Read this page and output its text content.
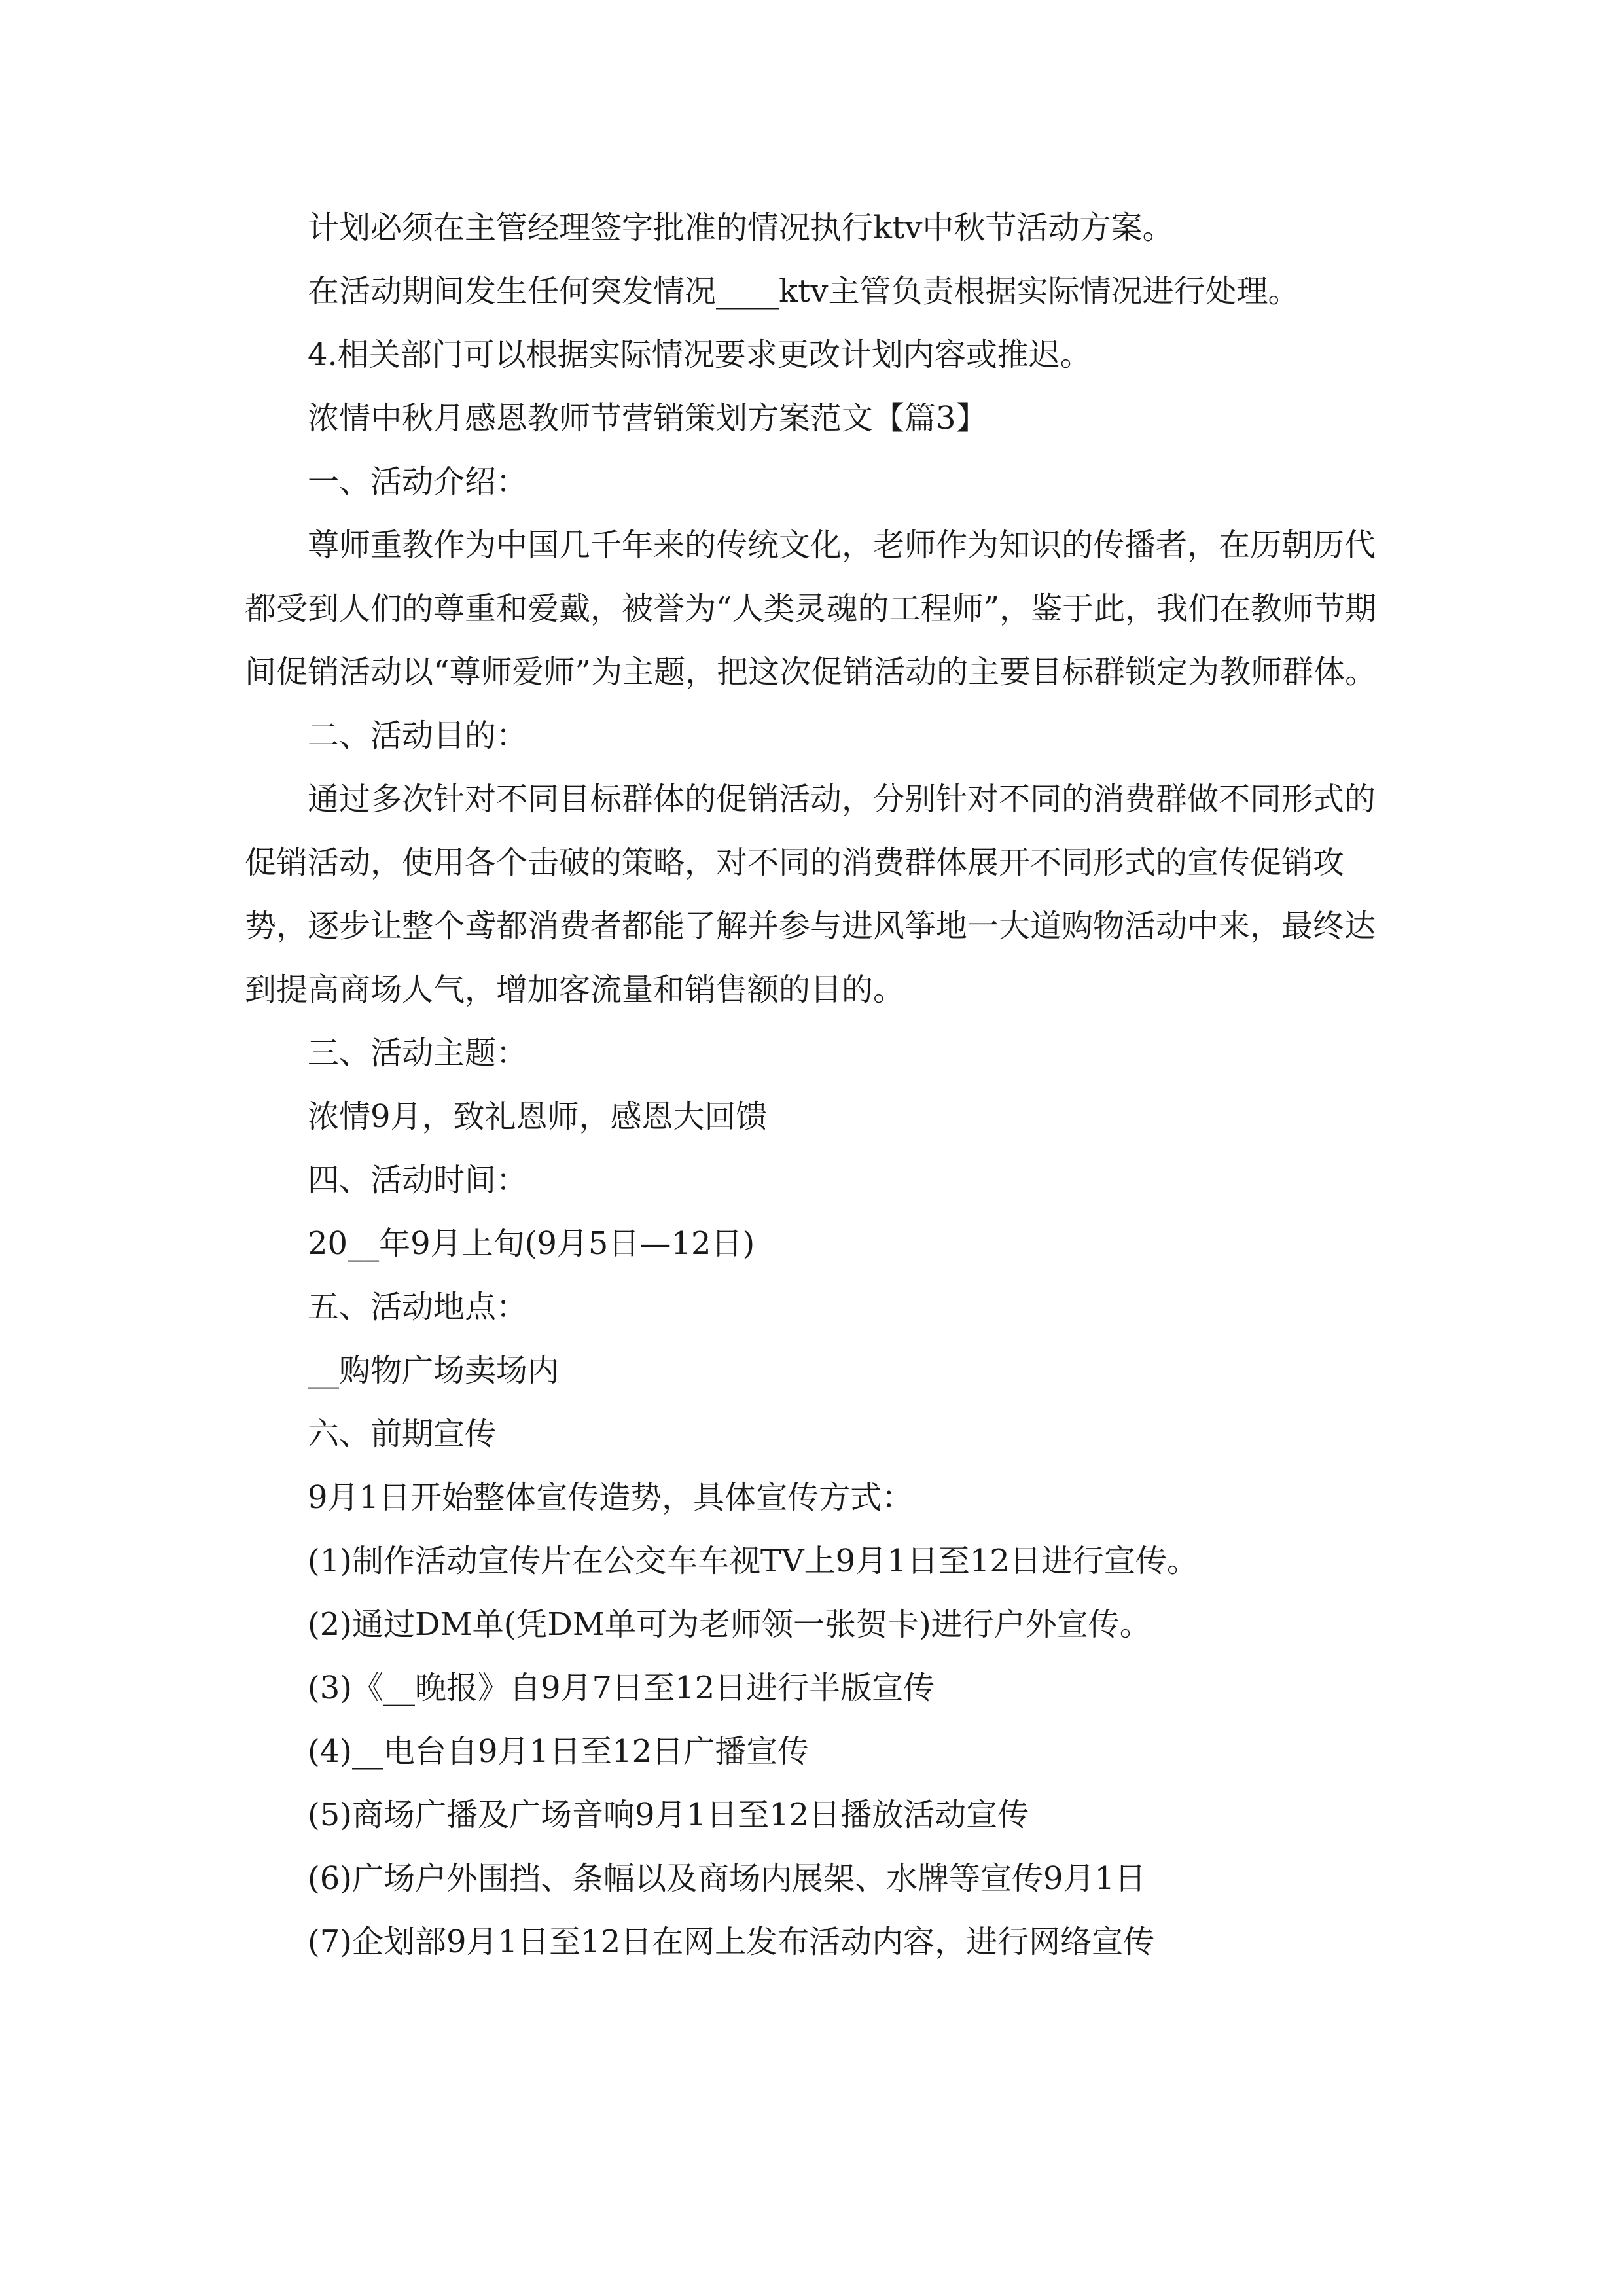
计划必须在主管经理签字批准的情况执行ktv中秋节活动方案。

在活动期间发生任何突发情况____ktv主管负责根据实际情况进行处理。

4.相关部门可以根据实际情况要求更改计划内容或推迟。

浓情中秋月感恩教师节营销策划方案范文【篇3】

一、活动介绍：

尊师重教作为中国几千年来的传统文化，老师作为知识的传播者，在历朝历代都受到人们的尊重和爱戴，被誉为“人类灵魂的工程师”，鉴于此，我们在教师节期间促销活动以“尊师爱师”为主题，把这次促销活动的主要目标群锁定为教师群体。

二、活动目的：

通过多次针对不同目标群体的促销活动，分别针对不同的消费群做不同形式的促销活动，使用各个击破的策略，对不同的消费群体展开不同形式的宣传促销攻势，逐步让整个鸢都消费者都能了解并参与进风筝地一大道购物活动中来，最终达到提高商场人气，增加客流量和销售额的目的。

三、活动主题：

浓情9月，致礼恩师，感恩大回馈

四、活动时间：

20__年9月上旬(9月5日—12日)

五、活动地点：

__购物广场卖场内

六、前期宣传

9月1日开始整体宣传造势，具体宣传方式：

(1)制作活动宣传片在公交车车视TV上9月1日至12日进行宣传。

(2)通过DM单(凭DM单可为老师领一张贺卡)进行户外宣传。

(3)《__晚报》自9月7日至12日进行半版宣传

(4)__电台自9月1日至12日广播宣传

(5)商场广播及广场音响9月1日至12日播放活动宣传

(6)广场户外围挡、条幅以及商场内展架、水牌等宣传9月1日

(7)企划部9月1日至12日在网上发布活动内容，进行网络宣传
